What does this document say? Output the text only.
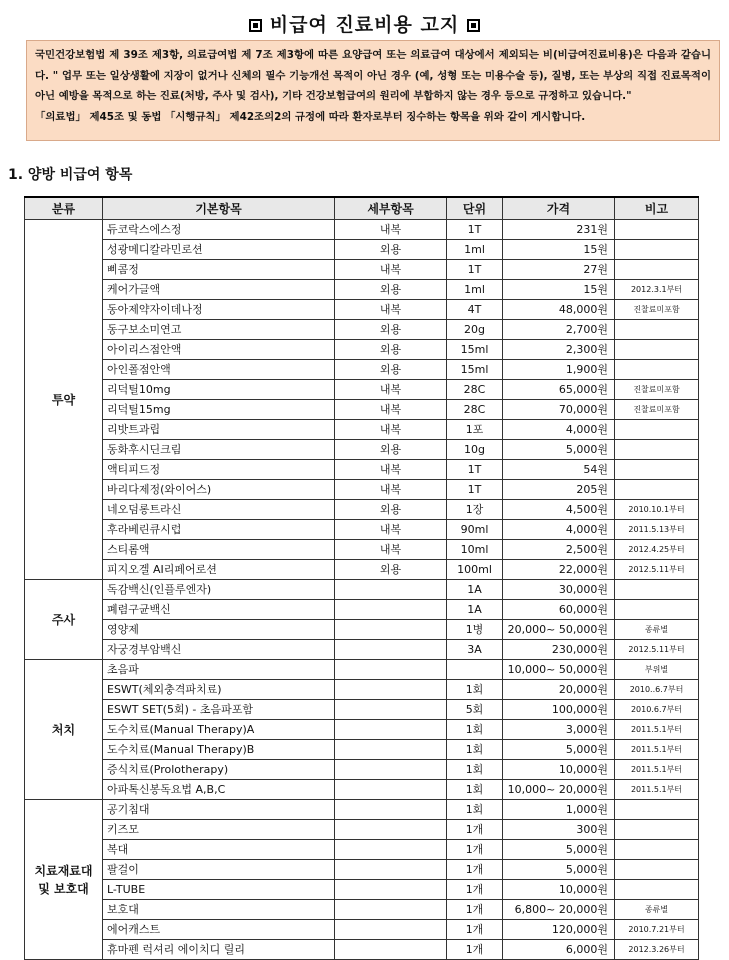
비급여 진료비용 고지

국민건강보험법 제 39조 제3항, 의료급여법 제 7조 제3항에 따른 요양급여 또는 의료급여 대상에서 제외되는 비(비급여진료비용)은 다음과 같습니다. " 업무 또는 일상생활에 지장이 없거나 신체의 필수 기능개선 목적이 아닌 경우 (예, 성형 또는 미용수술 등), 질병, 또는 부상의 직접 진료목적이 아닌 예방을 목적으로 하는 진료(처방, 주사 및 검사), 기타 건강보험급여의 원리에 부합하지 않는 경우 등으로 규정하고 있습니다."

「의료법」 제45조 및 동법 「시행규칙」 제42조의2의 규정에 따라 환자로부터 징수하는 항목을 위와 같이 게시합니다.

1. 양방 비급여 항목
분류	기본항목	세부항목	단위	가격	비고
투약	듀코락스에스정	내복	1T	231원	
	성광메디칼라민로션	외용	1ml	15원	
	삐콤정	내복	1T	27원	
	케어가글액	외용	1ml	15원	2012.3.1부터
	동아제약자이데나정	내복	4T	48,000원	진찰료미포함
	동구보소미연고	외용	20g	2,700원	
	아이리스점안액	외용	15ml	2,300원	
	아인폴점안액	외용	15ml	1,900원	
	리덕틸10mg	내복	28C	65,000원	진찰료미포함
	리덕틸15mg	내복	28C	70,000원	진찰료미포함
	리밧트과립	내복	1포	4,000원	
	동화후시딘크림	외용	10g	5,000원	
	액티피드정	내복	1T	54원	
	바리다제정(와이어스)	내복	1T	205원	
	네오덤롱트라신	외용	1장	4,500원	2010.10.1부터
	후라베린큐시럽	내복	90ml	4,000원	2011.5.13부터
	스티롬액	내복	10ml	2,500원	2012.4.25부터
	피지오겔 AI리페어로션	외용	100ml	22,000원	2012.5.11부터
주사	독감백신(인플루엔자)		1A	30,000원	
	폐렴구균백신		1A	60,000원	
	영양제		1병	20,000~ 50,000원	종류별
	자궁경부암백신		3A	230,000원	2012.5.11부터
처치	초음파			10,000~ 50,000원	부위별
	ESWT(체외충격파치료)		1회	20,000원	2010..6.7부터
	ESWT SET(5회) - 초음파포함		5회	100,000원	2010.6.7부터
	도수치료(Manual Therapy)A		1회	3,000원	2011.5.1부터
	도수치료(Manual Therapy)B		1회	5,000원	2011.5.1부터
	증식치료(Prolotherapy)		1회	10,000원	2011.5.1부터
	아파톡신봉독요법 A,B,C		1회	10,000~ 20,000원	2011.5.1부터
치료재료대 및 보호대	공기침대		1회	1,000원	
	키즈모		1개	300원	
	복대		1개	5,000원	
	팔걸이		1개	5,000원	
	L-TUBE		1개	10,000원	
	보호대		1개	6,800~ 20,000원	종류별
	에어캐스트		1개	120,000원	2010.7.21부터
	휴마펜 럭셔리 에이치디 릴리		1개	6,000원	2012.3.26부터
